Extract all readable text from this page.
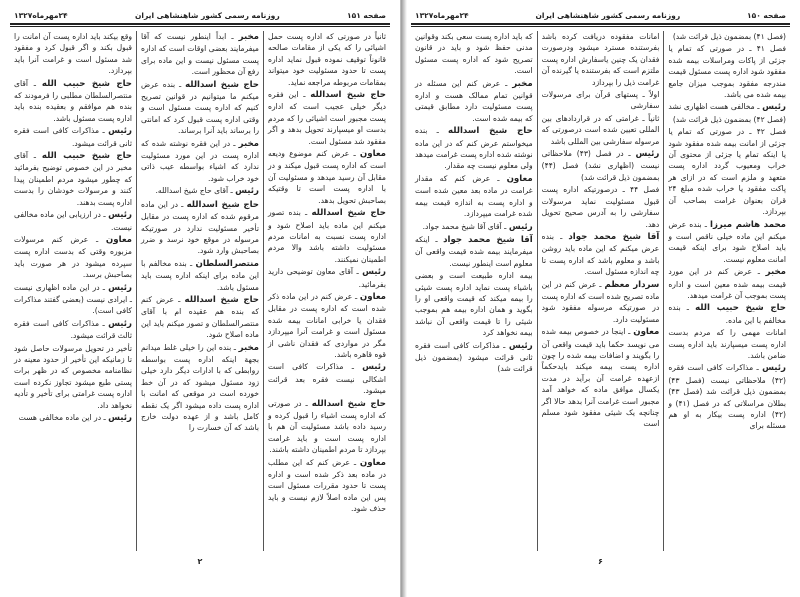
صفحه ۱۵۱
روزنامه رسمی کشور شاهنشاهی ایران
۲۴مهرماه۱۳۲۷

ثانیاً در صورتی که اداره پست حمل اشیائی را که یکی از مقامات صالحه قانوناً توقیف نموده قبول نماید اداره پست تا حدود مسئولیت خود میتواند بمقامات مربوطه مراجعه نماید.

حاج شیخ اسدالله ـ این فقره دیگر خیلی عجیب است که اداره پست مجبور است اشیائی را که مردم بدست او میسپارند تحویل بدهد و اگر مفقود شد مسئول است.

معاون ـ عرض کنم موضوع ودیعه است که اداره پست قبول میکند و در مقابل آن رسید میدهد و مسئولیت آن با اداره پست است تا وقتیکه بصاحبش تحویل بدهد.

حاج شیخ اسدالله ـ بنده تصور میکنم این ماده باید اصلاح شود و اداره پست نسبت به امانات مردم مسئولیت داشته باشد والا مردم اطمینان نمیکنند.

رئیس ـ آقای معاون توضیحی دارید بفرمائید.

معاون ـ عرض کنم در این ماده ذکر شده است که اداره پست در مقابل فقدان یا خرابی امانات بیمه شده مسئول است و غرامت آنرا میپردازد مگر در مواردی که فقدان ناشی از قوه قاهره باشد.

رئیس ـ مذاکرات کافی است اشکالی نیست فقره بعد قرائت میشود.

حاج شیخ اسدالله ـ در صورتی که اداره پست اشیاء را قبول کرده و رسید داده باشد مسئولیت آن هم با اداره پست است و باید غرامت بپردازد تا مردم اطمینان داشته باشند.

معاون ـ عرض کنم که این مطلب در ماده بعد ذکر شده است و اداره پست تا حدود مقررات مسئول است پس این ماده اصلاً لازم نیست و باید حذف شود.

مخبر ـ ابداً اینطور نیست که آقا میفرمایند بعضی اوقات است که اداره پست مسئول نیست و این ماده برای رفع آن محظور است.

حاج شیخ اسدالله ـ بنده عرض میکنم ما میتوانیم در قوانین تصریح کنیم که اداره پست مسئول است و وقتی اداره پست قبول کرد که امانتی را برساند باید آنرا برساند.

مخبر ـ در این فقره نوشته شده که اداره پست در این مورد مسئولیت ندارد که اشیاء بواسطه عیب ذاتی خود خراب شود.

رئیس ـ آقای حاج شیخ اسدالله.

حاج شیخ اسدالله ـ در این ماده مرقوم شده که اداره پست در مقابل تأخیر مسئولیت ندارد در صورتیکه مرسوله در موقع خود نرسد و ضرر بصاحبش وارد شود.

منتصرالسلطان ـ بنده مخالفم با این ماده برای اینکه اداره پست باید مسئول باشد.

حاج شیخ اسدالله ـ عرض کنم که بنده هم عقیده ام با آقای منتصرالسلطان و تصور میکنم باید این ماده اصلاح شود.

مخبر ـ بنده این را خیلی غلط میدانم بجهة اینکه اداره پست بواسطه روابطی که با ادارات دیگر دارد خیلی زود مسئول میشود که در آن خط خورده است در موقعی که امانت با اداره پست داده میشود اگر یک نقطه کامل باشد و از عهده دولت خارج باشد که آن خسارت را

وقع بیکند باید اداره پست آن امانت را قبول بکند و اگر قبول کرد و مفقود شد مسئول است و غرامت آنرا باید بپردازد.

حاج شیخ حبیب الله ـ آقای منتصرالسلطان مطلبی را فرمودند که بنده هم موافقم و بعقیده بنده باید اداره پست مسئول باشد.

رئیس ـ مذاکرات کافی است فقره ثانی قرائت میشود.

حاج شیخ حبیب الله ـ آقای مخبر در این خصوص توضیح بفرمائید که چطور میشود مردم اطمینان پیدا کنند و مرسولات خودشان را بدست اداره پست بدهند.

رئیس ـ در ارزیابی این ماده مخالفی نیست.

معاون ـ عرض کنم مرسولات مزبوره وقتی که بدست اداره پست سپرده میشود در هر صورت باید بصاحبش برسد.

رئیس ـ در این ماده اظهاری نیست ـ ایرادی نیست (بعضی گفتند مذاکرات کافی است).

رئیس ـ مذاکرات کافی است فقره ثالث قرائت میشود.

تأخیر در تحویل مرسولات حاصل شود تا زمانیکه این تأخیر از حدود معینه در نظامنامه مخصوص که در ظهر برات پستی طبع میشود تجاوز نکرده است اداره پست غرامتی برای تأخیر و تأدیه نخواهد داد.

رئیس ـ در این ماده مخالفی هست

۲
صفحه ۱۵۰
روزنامه رسمی کشور شاهنشاهی ایران
۲۴مهرماه۱۳۲۷

(فصل ۴۱) بمضمون ذیل قرائت شد)

فصل ۴۱ ـ در صورتی که تمام یا جزئی از پاکات ومراسلات بیمه شده مفقود شود اداره پست مسئول قیمت مندرجه مفقود بموجب میزان جامع بیمه شده می باشد.

رئیس ـ مخالفی هست اظهاری نشد (فصل ۴۲) بمضمون ذیل قرائت شد)

فصل ۴۲ ـ در صورتی که تمام یا جزئی از امانت بیمه شده مفقود شود یا اینکه تمام یا جزئی از محتوی آن خراب ومعیوب گردد اداره پست متعهد و ملزم است که در ازای هر پاکت مفقود یا خراب شده مبلغ ۲۴ قران بعنوان غرامت بصاحب آن بپردازد.

محمد هاشم میرزا ـ بنده عرض میکنم این ماده خیلی ناقص است و باید اصلاح شود برای اینکه قیمت امانت معلوم نیست.

مخبر ـ عرض کنم در این مورد قیمت بیمه شده معین است و اداره پست بموجب آن غرامت میدهد.

حاج شیخ حبیب الله ـ بنده مخالفم با این ماده.

امانات مهمی را که مردم بدست اداره پست میسپارند باید اداره پست ضامن باشد.

رئیس ـ مذاکرات کافی است فقره (۴۲) ملاحظاتی نیست (فصل ۴۳) بمضمون ذیل قرائت شد (فصل ۴۳) بطلان مراسلاتی که در فصل (۴۱) و (۴۲) اداره پست بیکار به او هم مسئله برای

امانات مفقوده دریافت کرده باشد بفرستنده مسترد میشود ودرصورت فقدان یک چنین یاسفارش اداره پست ملتزم است که بفرستنده یا گیرنده آن غرامت ذیل را بپردازد

اولاً ـ پستهای قرآن برای مرسولات سفارشی

ثانیاً ـ غرامتی که در قراردادهای بین المللی تعیین شده است درصورتی که مرسوله سفارشی بین المللی باشد

رئیس ـ در فصل (۴۳) ملاحظاتی نیست (اظهاری نشد) فصل (۴۴) بمضمون ذیل قرائت شد)

فصل ۴۴ ـ درصورتیکه اداره پست قبول مسئولیت نماید مرسولات سفارشی را به آدرس صحیح تحویل دهد.

آقا شیخ محمد جواد ـ بنده عرض میکنم که این ماده باید روشن باشد و معلوم باشد که اداره پست تا چه اندازه مسئول است.

سردار معظم ـ عرض کنم در این ماده تصریح شده است که اداره پست در صورتیکه مرسوله مفقود شود مسئولیت دارد.

معاون ـ اینجا در خصوص بیمه شده می نویسد حکما باید قیمت واقعی آن را بگویند و اضافات بیمه شده را چون اداره پست بیمه میکند بایدحکماً ازعهده غرامت آن برآید در مدت یکسال موافق ماده که خواهد آمد مجبور است غرامت آنرا بدهد حالا اگر چنانچه یک شیئی مفقود شود مسلم است

که باید اداره پست سعی بکند وقوانین مدنی حفظ شود و باید در قانون تصریح شود که اداره پست مسئول است.

مخبر ـ عرض کنم این مسئله در قوانین تمام ممالک هست و اداره پست مسئولیت دارد مطابق قیمتی که بیمه شده است.

حاج شیخ اسدالله ـ بنده میخواستم عرض کنم که در این ماده نوشته شده اداره پست غرامت میدهد ولی معلوم نیست چه مقدار.

معاون ـ عرض کنم که مقدار غرامت در ماده بعد معین شده است و اداره پست به اندازه قیمت بیمه شده غرامت میپردازد.

رئیس ـ آقای آقا شیخ محمد جواد.

آقا شیخ محمد جواد ـ اینکه میفرمایند بیمه شده قیمت واقعی آن معلوم است اینطور نیست.

بیمه اداره طبیعت است و بعضی باشیاء پست نماید اداره پست شیئی را بیمه میکند که قیمت واقعی او را بگوید و همان اداره بیمه هم بموجب شیئی را تا قیمت واقعی آن نباشد بیمه نخواهد کرد

رئیس ـ مذاکرات کافی است فقره ثانی قرائت میشود (بمضمون ذیل قرائت شد)

۶
